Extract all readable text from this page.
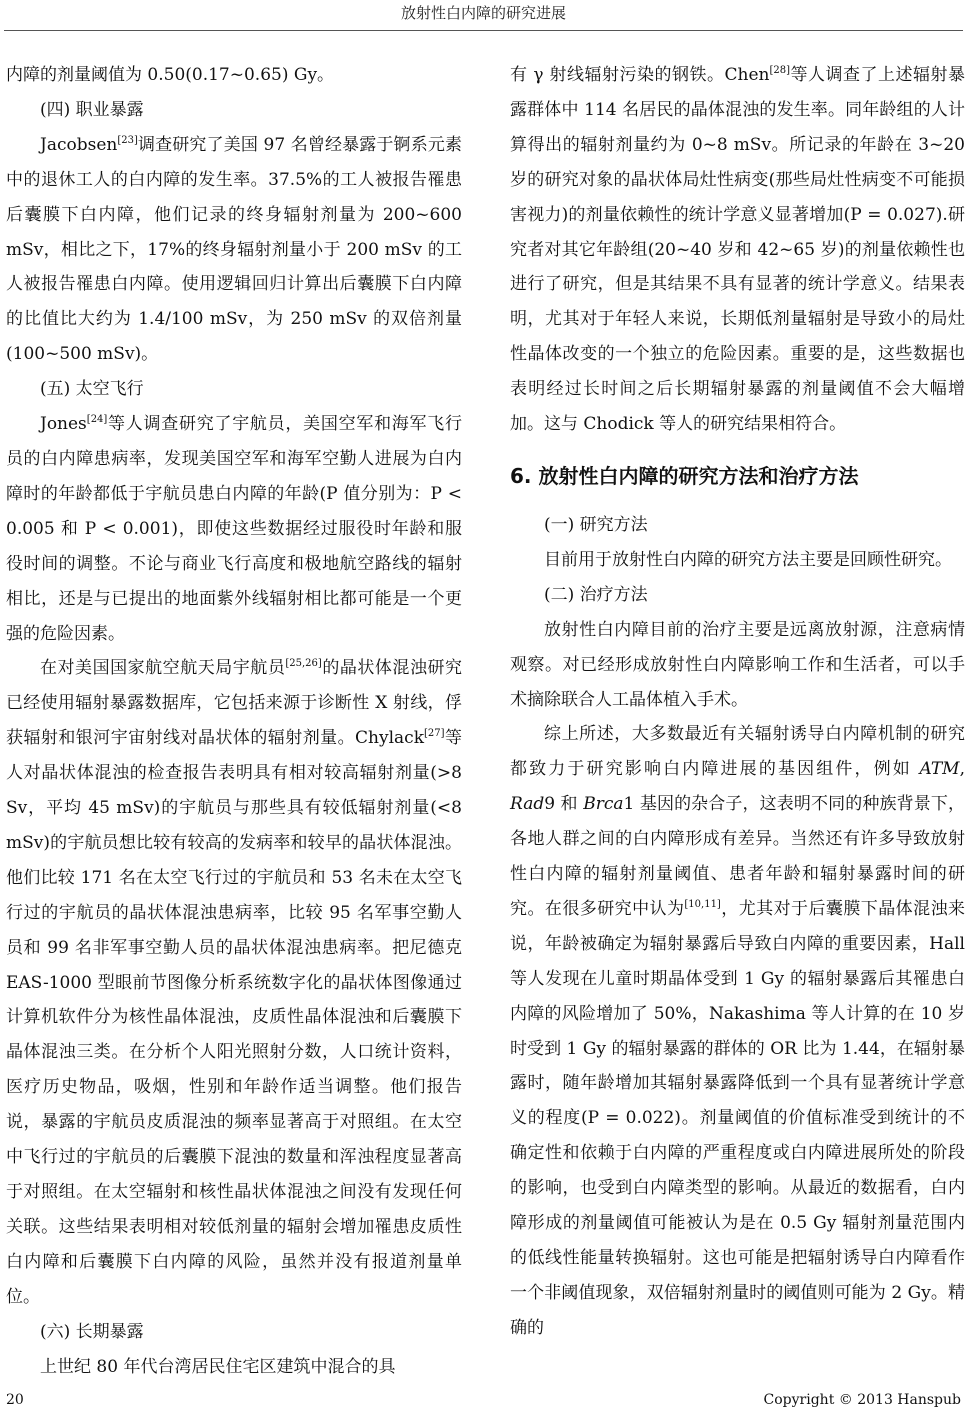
放射性白内障的研究进展

内障的剂量阈值为 0.50(0.17~0.65) Gy。

(四) 职业暴露

Jacobsen[23]调查研究了美国 97 名曾经暴露于锕系元素中的退休工人的白内障的发生率。37.5%的工人被报告罹患后囊膜下白内障，他们记录的终身辐射剂量为 200~600 mSv，相比之下，17%的终身辐射剂量小于 200 mSv 的工人被报告罹患白内障。使用逻辑回归计算出后囊膜下白内障的比值比大约为 1.4/100 mSv，为 250 mSv 的双倍剂量(100~500 mSv)。

(五) 太空飞行

Jones[24]等人调查研究了宇航员，美国空军和海军飞行员的白内障患病率，发现美国空军和海军空勤人进展为白内障时的年龄都低于宇航员患白内障的年龄(P 值分别为：P < 0.005 和 P < 0.001)，即使这些数据经过服役时年龄和服役时间的调整。不论与商业飞行高度和极地航空路线的辐射相比，还是与已提出的地面紫外线辐射相比都可能是一个更强的危险因素。

在对美国国家航空航天局宇航员[25,26]的晶状体混浊研究已经使用辐射暴露数据库，它包括来源于诊断性 X 射线，俘获辐射和银河宇宙射线对晶状体的辐射剂量。Chylack[27]等人对晶状体混浊的检查报告表明具有相对较高辐射剂量(>8 Sv，平均 45 mSv)的宇航员与那些具有较低辐射剂量(<8 mSv)的宇航员想比较有较高的发病率和较早的晶状体混浊。他们比较 171 名在太空飞行过的宇航员和 53 名未在太空飞行过的宇航员的晶状体混浊患病率，比较 95 名军事空勤人员和 99 名非军事空勤人员的晶状体混浊患病率。把尼德克 EAS-1000 型眼前节图像分析系统数字化的晶状体图像通过计算机软件分为核性晶体混浊，皮质性晶体混浊和后囊膜下晶体混浊三类。在分析个人阳光照射分数，人口统计资料，医疗历史物品，吸烟，性别和年龄作适当调整。他们报告说，暴露的宇航员皮质混浊的频率显著高于对照组。在太空中飞行过的宇航员的后囊膜下混浊的数量和浑浊程度显著高于对照组。在太空辐射和核性晶状体混浊之间没有发现任何关联。这些结果表明相对较低剂量的辐射会增加罹患皮质性白内障和后囊膜下白内障的风险，虽然并没有报道剂量单位。

(六) 长期暴露

上世纪 80 年代台湾居民住宅区建筑中混合的具

有 γ 射线辐射污染的钢铁。Chen[28]等人调查了上述辐射暴露群体中 114 名居民的晶体混浊的发生率。同年龄组的人计算得出的辐射剂量约为 0~8 mSv。所记录的年龄在 3~20 岁的研究对象的晶状体局灶性病变(那些局灶性病变不可能损害视力)的剂量依赖性的统计学意义显著增加(P = 0.027).研究者对其它年龄组(20~40 岁和 42~65 岁)的剂量依赖性也进行了研究，但是其结果不具有显著的统计学意义。结果表明，尤其对于年轻人来说，长期低剂量辐射是导致小的局灶性晶体改变的一个独立的危险因素。重要的是，这些数据也表明经过长时间之后长期辐射暴露的剂量阈值不会大幅增加。这与 Chodick 等人的研究结果相符合。

6. 放射性白内障的研究方法和治疗方法

(一) 研究方法

目前用于放射性白内障的研究方法主要是回顾性研究。

(二) 治疗方法

放射性白内障目前的治疗主要是远离放射源，注意病情观察。对已经形成放射性白内障影响工作和生活者，可以手术摘除联合人工晶体植入手术。

综上所述，大多数最近有关辐射诱导白内障机制的研究都致力于研究影响白内障进展的基因组件，例如 ATM, Rad9 和 Brca1 基因的杂合子，这表明不同的种族背景下，各地人群之间的白内障形成有差异。当然还有许多导致放射性白内障的辐射剂量阈值、患者年龄和辐射暴露时间的研究。在很多研究中认为[10,11]，尤其对于后囊膜下晶体混浊来说，年龄被确定为辐射暴露后导致白内障的重要因素，Hall 等人发现在儿童时期晶体受到 1 Gy 的辐射暴露后其罹患白内障的风险增加了 50%，Nakashima 等人计算的在 10 岁时受到 1 Gy 的辐射暴露的群体的 OR 比为 1.44，在辐射暴露时，随年龄增加其辐射暴露降低到一个具有显著统计学意义的程度(P = 0.022)。剂量阈值的价值标准受到统计的不确定性和依赖于白内障的严重程度或白内障进展所处的阶段的影响，也受到白内障类型的影响。从最近的数据看，白内障形成的剂量阈值可能被认为是在 0.5 Gy 辐射剂量范围内的低线性能量转换辐射。这也可能是把辐射诱导白内障看作一个非阈值现象，双倍辐射剂量时的阈值则可能为 2 Gy。精确的

20	Copyright © 2013 Hanspub
